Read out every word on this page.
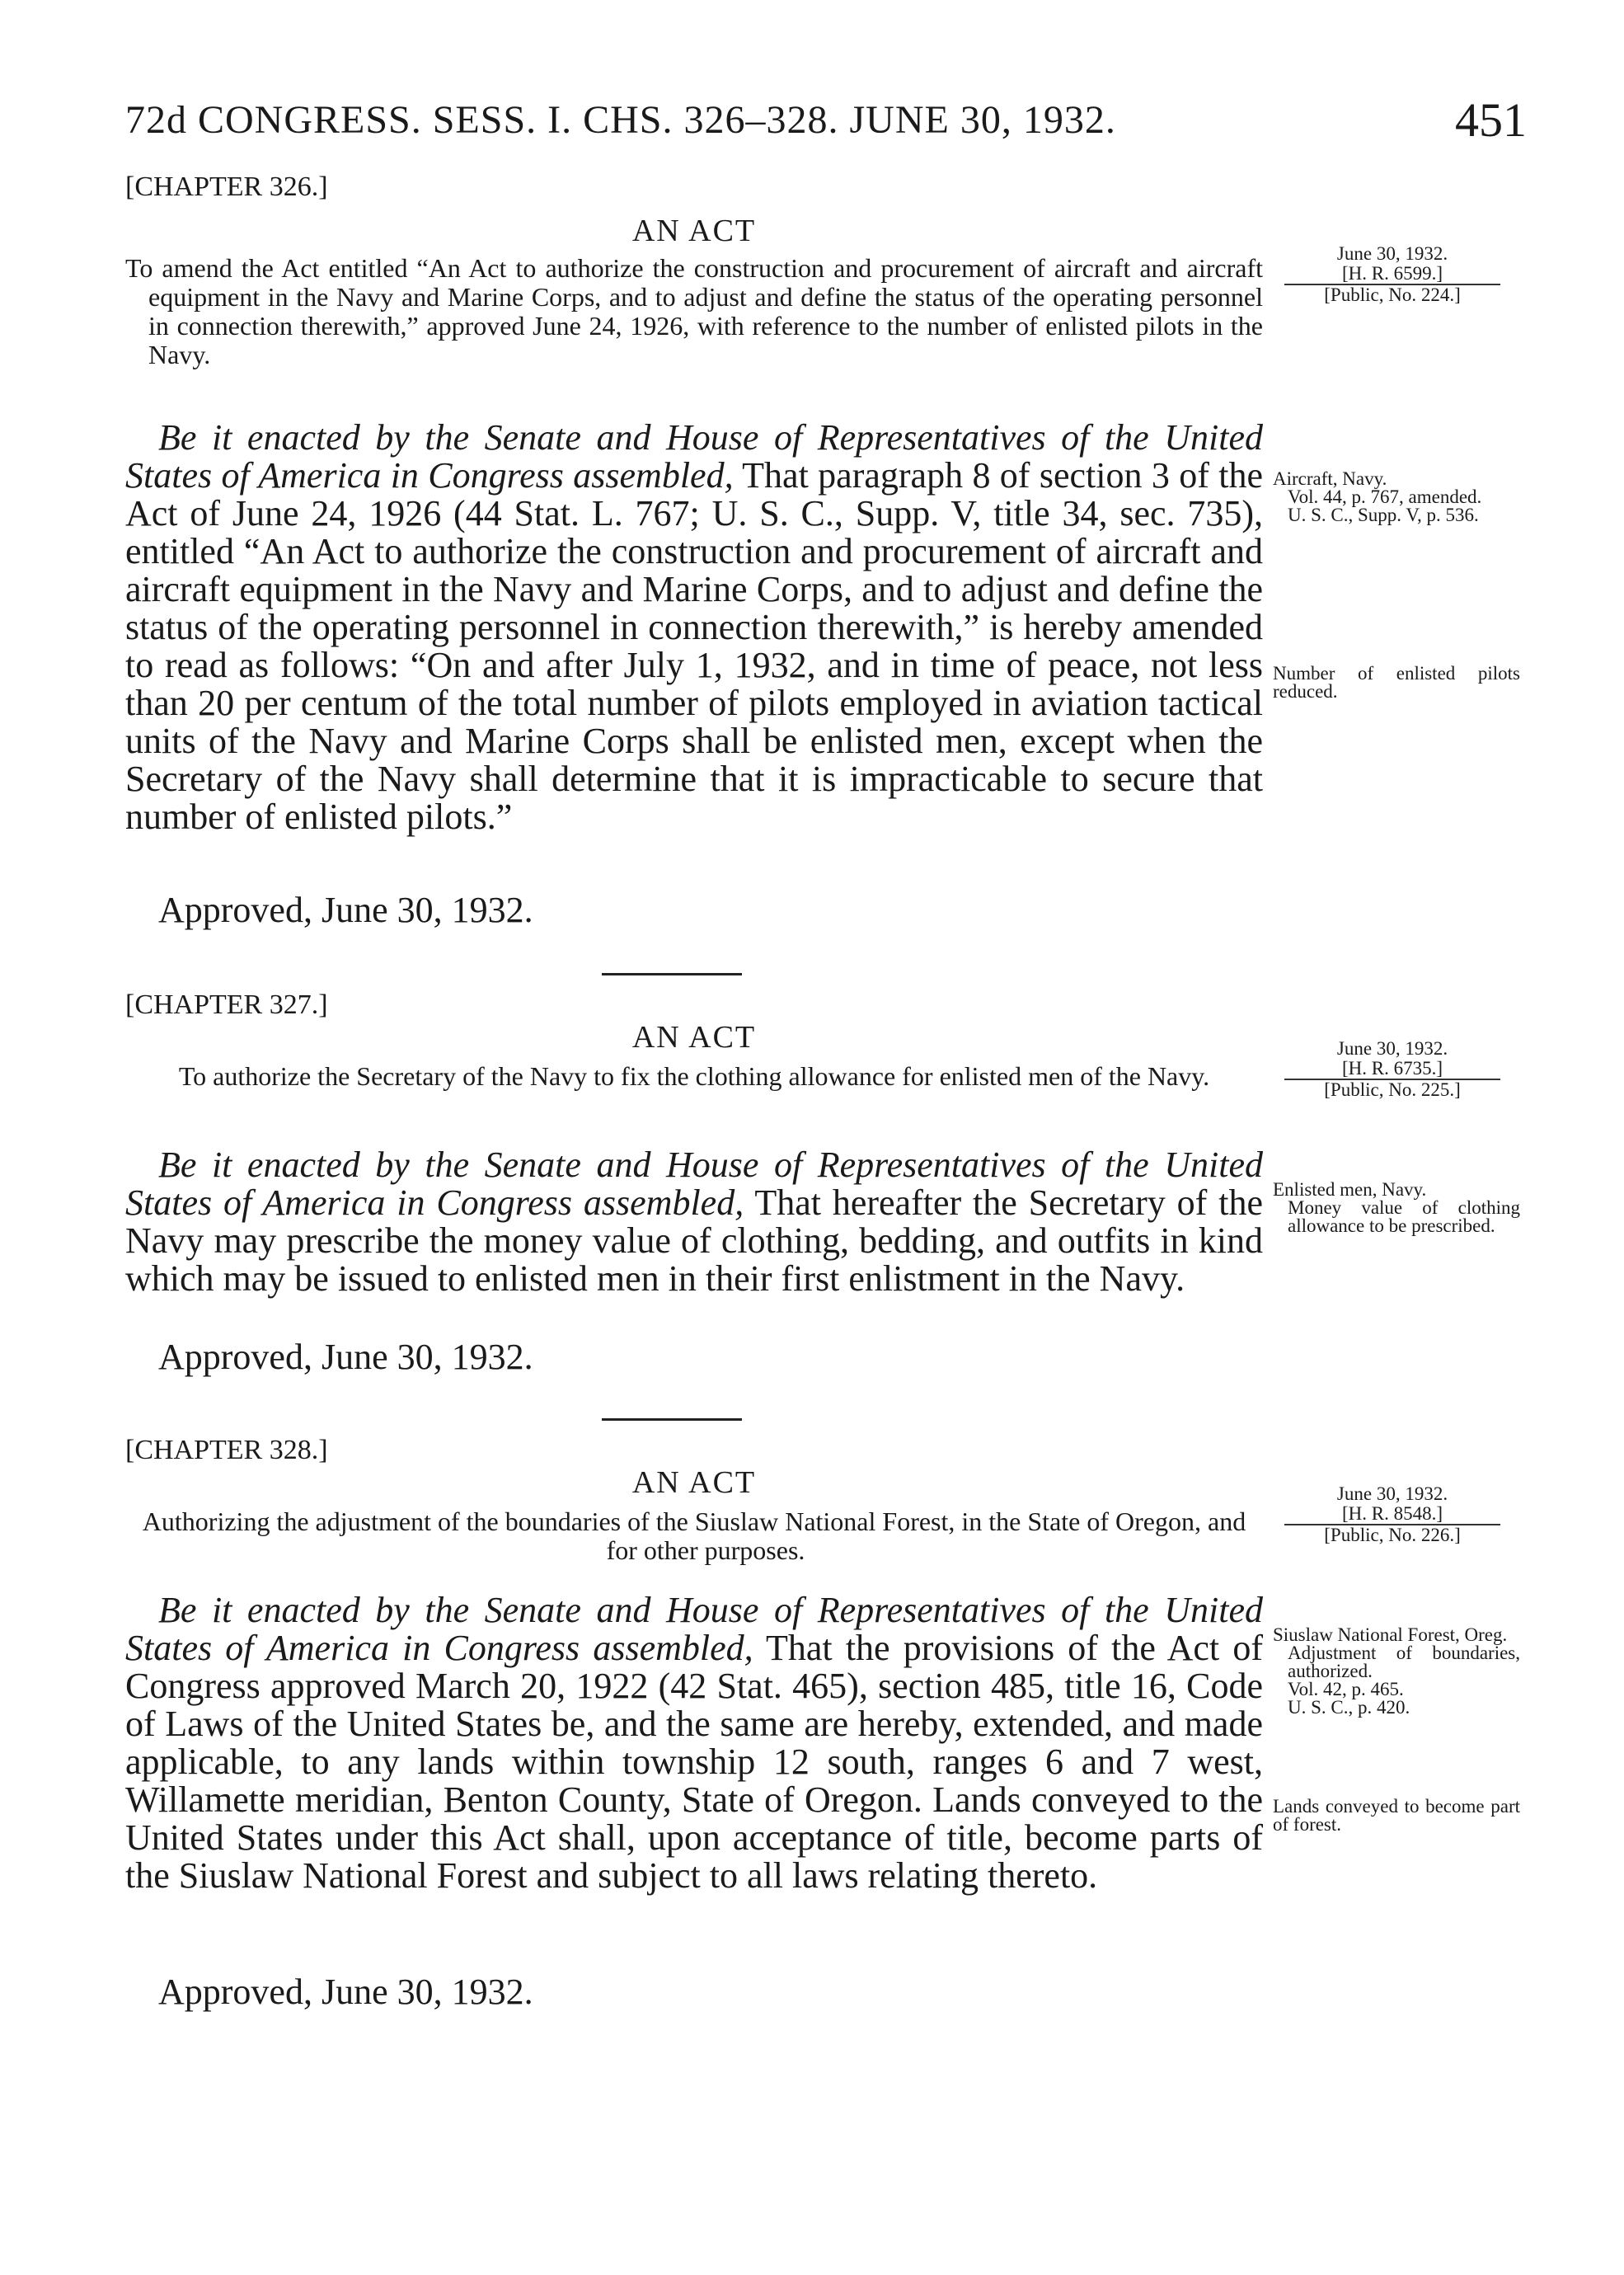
72d CONGRESS. SESS. I. CHS. 326–328. JUNE 30, 1932.	451
[CHAPTER 326.]
AN ACT
To amend the Act entitled “An Act to authorize the construction and procurement of aircraft and aircraft equipment in the Navy and Marine Corps, and to adjust and define the status of the operating personnel in connection therewith,” approved June 24, 1926, with reference to the number of enlisted pilots in the Navy.
June 30, 1932.
[H. R. 6599.]
[Public, No. 224.]

Be it enacted by the Senate and House of Representatives of the United States of America in Congress assembled, That paragraph 8 of section 3 of the Act of June 24, 1926 (44 Stat. L. 767; U. S. C., Supp. V, title 34, sec. 735), entitled “An Act to authorize the construction and procurement of aircraft and aircraft equipment in the Navy and Marine Corps, and to adjust and define the status of the operating personnel in connection therewith,” is hereby amended to read as follows: “On and after July 1, 1932, and in time of peace, not less than 20 per centum of the total number of pilots employed in aviation tactical units of the Navy and Marine Corps shall be enlisted men, except when the Secretary of the Navy shall determine that it is impracticable to secure that number of enlisted pilots.”

Approved, June 30, 1932.
Aircraft, Navy.
Vol. 44, p. 767, amended.
U. S. C., Supp. V, p. 536.
Number of enlisted pilots reduced.
[CHAPTER 327.]
AN ACT
To authorize the Secretary of the Navy to fix the clothing allowance for enlisted men of the Navy.
June 30, 1932.
[H. R. 6735.]
[Public, No. 225.]

Be it enacted by the Senate and House of Representatives of the United States of America in Congress assembled, That hereafter the Secretary of the Navy may prescribe the money value of clothing, bedding, and outfits in kind which may be issued to enlisted men in their first enlistment in the Navy.

Approved, June 30, 1932.
Enlisted men, Navy.
Money value of clothing allowance to be prescribed.
[CHAPTER 328.]
AN ACT
Authorizing the adjustment of the boundaries of the Siuslaw National Forest, in the State of Oregon, and for other purposes.
June 30, 1932.
[H. R. 8548.]
[Public, No. 226.]

Be it enacted by the Senate and House of Representatives of the United States of America in Congress assembled, That the provisions of the Act of Congress approved March 20, 1922 (42 Stat. 465), section 485, title 16, Code of Laws of the United States be, and the same are hereby, extended, and made applicable, to any lands within township 12 south, ranges 6 and 7 west, Willamette meridian, Benton County, State of Oregon. Lands conveyed to the United States under this Act shall, upon acceptance of title, become parts of the Siuslaw National Forest and subject to all laws relating thereto.

Approved, June 30, 1932.
Siuslaw National Forest, Oreg.
Adjustment of boundaries, authorized.
Vol. 42, p. 465.
U. S. C., p. 420.
Lands conveyed to become part of forest.
